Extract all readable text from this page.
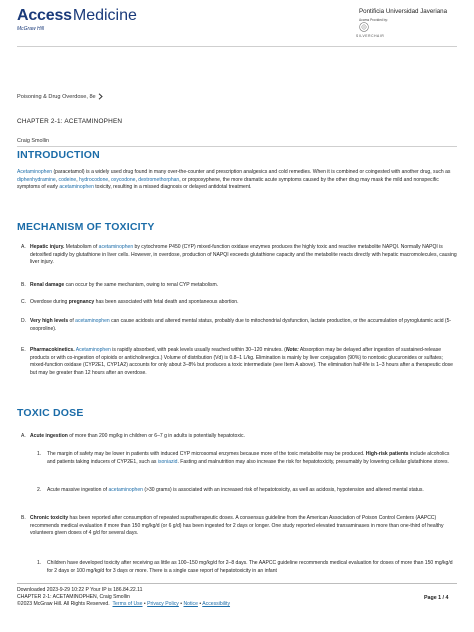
Access Medicine
McGraw Hill
Pontificia Universidad Javeriana
Access Provided by:
SILVERCHAIR
Poisoning & Drug Overdose, 8e
CHAPTER 2-1: ACETAMINOPHEN
Craig Smollin
INTRODUCTION

Acetaminophen (paracetamol) is a widely used drug found in many over-the-counter and prescription analgesics and cold remedies. When it is combined or coingested with another drug, such as diphenhydramine, codeine, hydrocodone, oxycodone, dextromethorphan, or propoxyphene, the more dramatic acute symptoms caused by the other drug may mask the mild and nonspecific symptoms of early acetaminophen toxicity, resulting in a missed diagnosis or delayed antidotal treatment.

MECHANISM OF TOXICITY
A. Hepatic injury. Metabolism of acetaminophen by cytochrome P450 (CYP) mixed-function oxidase enzymes produces the highly toxic and reactive metabolite NAPQI. Normally NAPQI is detoxified rapidly by glutathione in liver cells. However, in overdose, production of NAPQI exceeds glutathione capacity and the metabolite reacts directly with hepatic macromolecules, causing liver injury.

B. Renal damage can occur by the same mechanism, owing to renal CYP metabolism.

C. Overdose during pregnancy has been associated with fetal death and spontaneous abortion.

D. Very high levels of acetaminophen can cause acidosis and altered mental status, probably due to mitochondrial dysfunction, lactate production, or the accumulation of pyroglutamic acid (5-oxoproline).

E. Pharmacokinetics. Acetaminophen is rapidly absorbed, with peak levels usually reached within 30–120 minutes. (Note: Absorption may be delayed after ingestion of sustained-release products or with co-ingestion of opioids or anticholinergics.) Volume of distribution (Vd) is 0.8–1 L/kg. Elimination is mainly by liver conjugation (90%) to nontoxic glucuronides or sulfates; mixed-function oxidase (CYP2E1, CYP1A2) accounts for only about 3–8% but produces a toxic intermediate (see Item A above). The elimination half-life is 1–3 hours after a therapeutic dose but may be greater than 12 hours after an overdose.

TOXIC DOSE
A. Acute ingestion of more than 200 mg/kg in children or 6–7 g in adults is potentially hepatotoxic.

1. The margin of safety may be lower in patients with induced CYP microsomal enzymes because more of the toxic metabolite may be produced. High-risk patients include alcoholics and patients taking inducers of CYP2E1, such as isoniazid. Fasting and malnutrition may also increase the risk for hepatotoxicity, presumably by lowering cellular glutathione stores.

2. Acute massive ingestion of acetaminophen (>30 grams) is associated with an increased risk of hepatotoxicity, as well as acidosis, hypotension and altered mental status.

B. Chronic toxicity has been reported after consumption of repeated supratherapeutic doses. A consensus guideline from the American Association of Poison Control Centers (AAPCC) recommends medical evaluation if more than 150 mg/kg/d (or 6 g/d) has been ingested for 2 days or longer. One study reported elevated transaminases in more than one-third of healthy volunteers given doses of 4 g/d for several days.

1. Children have developed toxicity after receiving as little as 100–150 mg/kg/d for 2–8 days. The AAPCC guideline recommends medical evaluation for doses of more than 150 mg/kg/d for 2 days or 100 mg/kg/d for 3 days or more. There is a single case report of hepatotoxicity in an infant

Downloaded 2023-9-29 10:22 P Your IP is 186.84.22.11
CHAPTER 2-1: ACETAMINOPHEN, Craig Smollin
©2023 McGraw Hill. All Rights Reserved. Terms of Use • Privacy Policy • Notice • Accessibility
Page 1 / 4
